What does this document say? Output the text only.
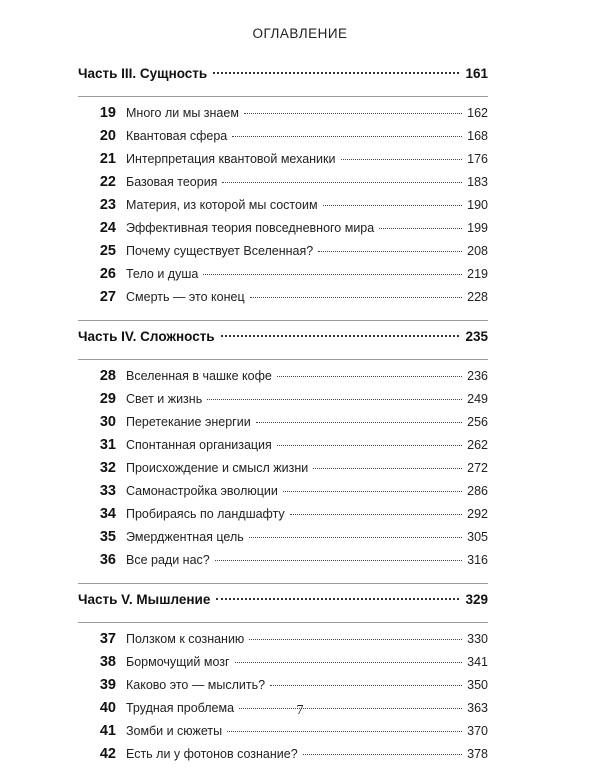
ОГЛАВЛЕНИЕ
Часть III. Сущность	161
19 Много ли мы знаем	162
20 Квантовая сфера	168
21 Интерпретация квантовой механики	176
22 Базовая теория	183
23 Материя, из которой мы состоим	190
24 Эффективная теория повседневного мира	199
25 Почему существует Вселенная?	208
26 Тело и душа	219
27 Смерть — это конец	228
Часть IV. Сложность	235
28 Вселенная в чашке кофе	236
29 Свет и жизнь	249
30 Перетекание энергии	256
31 Спонтанная организация	262
32 Происхождение и смысл жизни	272
33 Самонастройка эволюции	286
34 Пробираясь по ландшафту	292
35 Эмерджентная цель	305
36 Все ради нас?	316
Часть V. Мышление	329
37 Ползком к сознанию	330
38 Бормочущий мозг	341
39 Каково это — мыслить?	350
40 Трудная проблема	363
41 Зомби и сюжеты	370
42 Есть ли у фотонов сознание?	378
7
